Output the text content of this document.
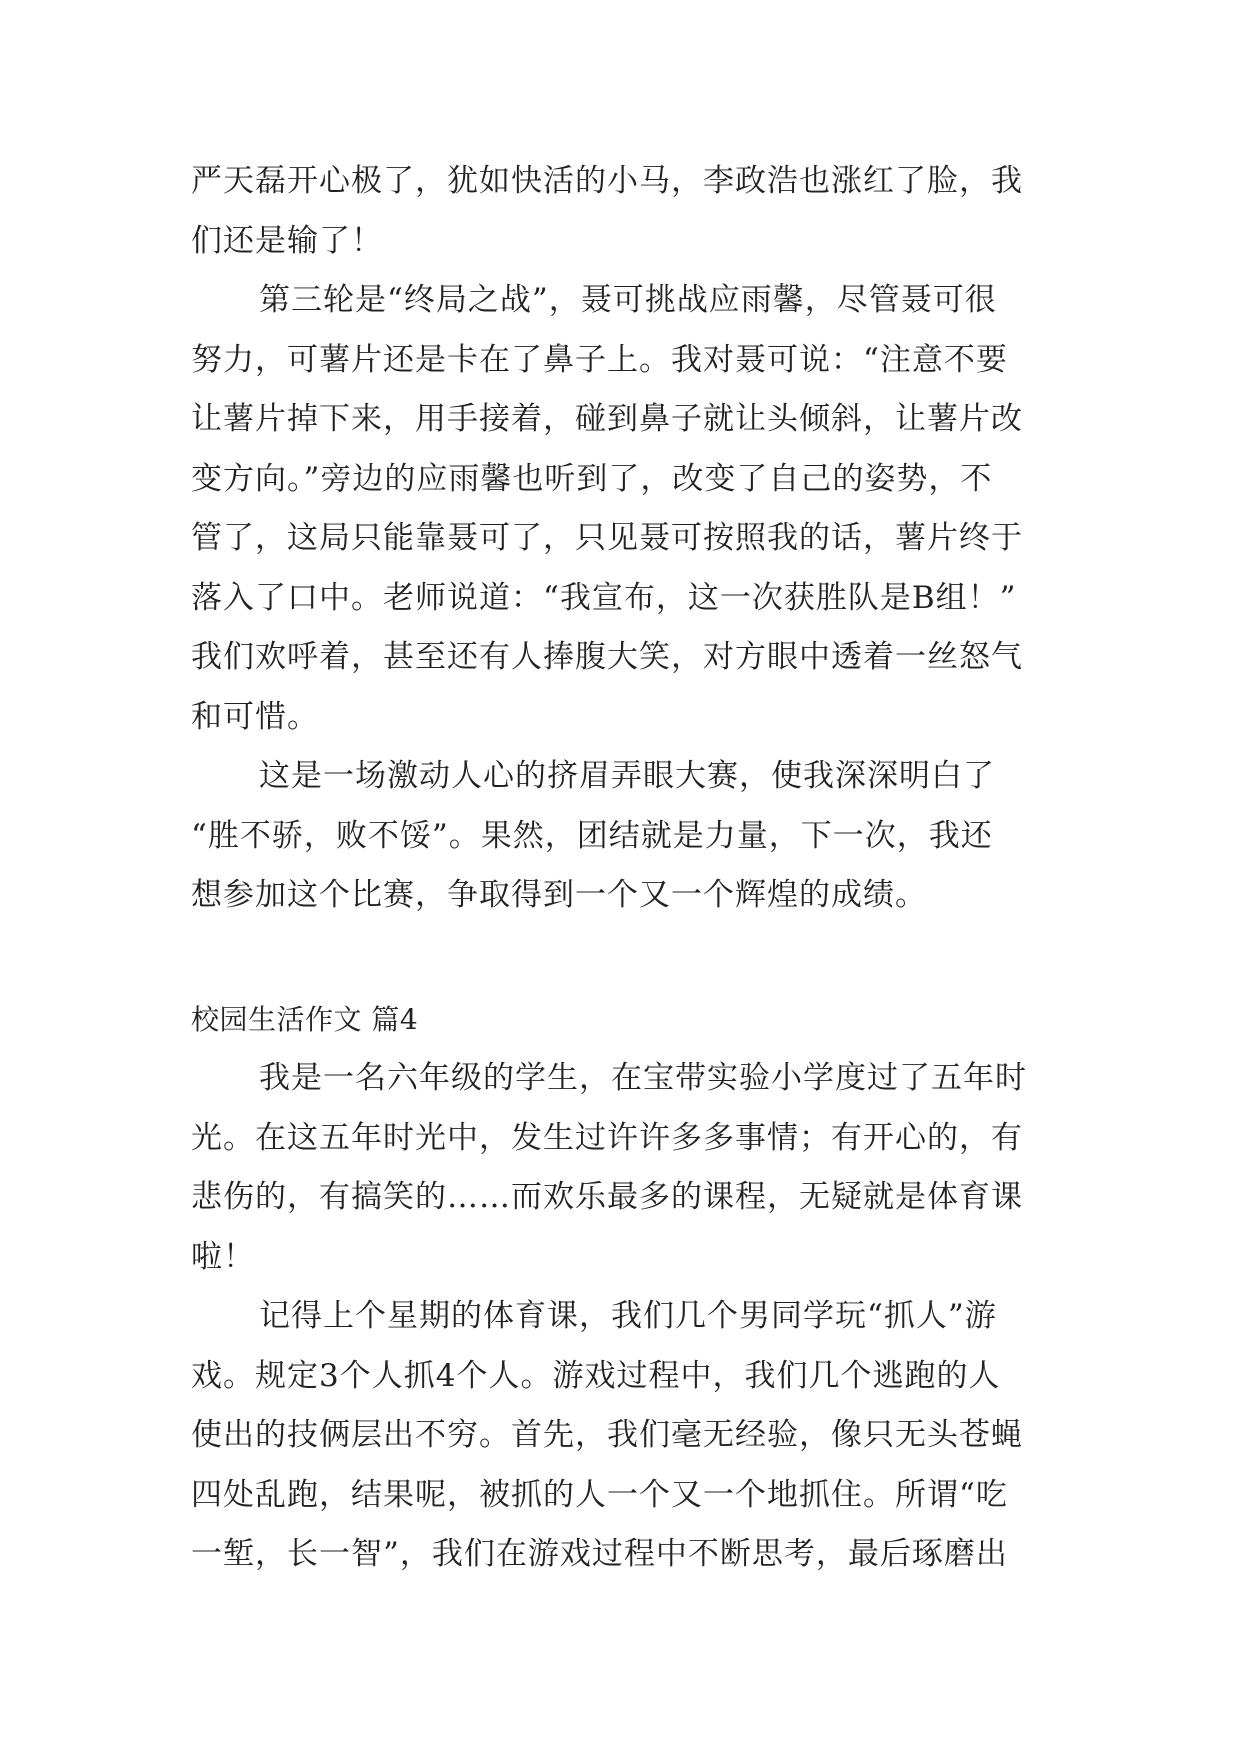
严天磊开心极了，犹如快活的小马，李政浩也涨红了脸，我
们还是输了！
第三轮是“终局之战”，聂可挑战应雨馨，尽管聂可很
努力，可薯片还是卡在了鼻子上。我对聂可说：“注意不要
让薯片掉下来，用手接着，碰到鼻子就让头倾斜，让薯片改
变方向。”旁边的应雨馨也听到了，改变了自己的姿势，不
管了，这局只能靠聂可了，只见聂可按照我的话，薯片终于
落入了口中。老师说道：“我宣布，这一次获胜队是B组！”
我们欢呼着，甚至还有人捧腹大笑，对方眼中透着一丝怒气
和可惜。
这是一场激动人心的挤眉弄眼大赛，使我深深明白了
“胜不骄，败不馁”。果然，团结就是力量，下一次，我还
想参加这个比赛，争取得到一个又一个辉煌的成绩。
校园生活作文 篇4
我是一名六年级的学生，在宝带实验小学度过了五年时
光。在这五年时光中，发生过许许多多事情；有开心的，有
悲伤的，有搞笑的……而欢乐最多的课程，无疑就是体育课
啦！
记得上个星期的体育课，我们几个男同学玩“抓人”游
戏。规定3个人抓4个人。游戏过程中，我们几个逃跑的人
使出的技俩层出不穷。首先，我们毫无经验，像只无头苍蝇
四处乱跑，结果呢，被抓的人一个又一个地抓住。所谓“吃
一堑，长一智”，我们在游戏过程中不断思考，最后琢磨出
